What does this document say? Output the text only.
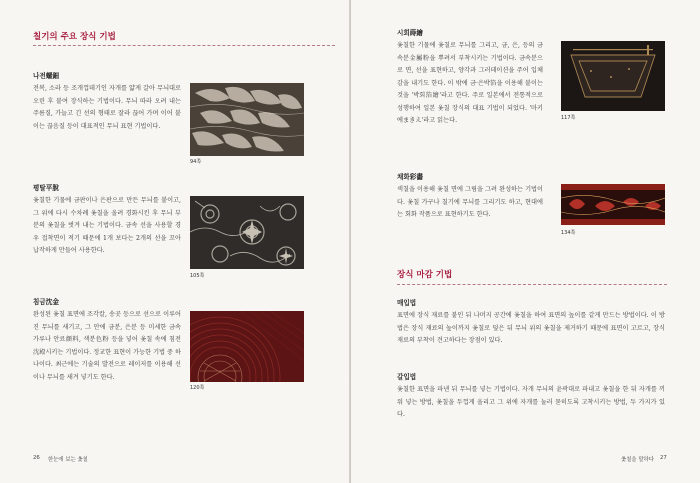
칠기의 주요 장식 기법
나전螺鈿
전복, 소라 등 조개껍데기인 자개를 얇게 갈아 무늬대로 오린 후 붙여 장식하는 기법이다. 무늬 따라 오려 내는 주름질, 가늘고 긴 선의 형태로 잘라 끊어 가며 이어 붙이는 끊음질 등이 대표적인 무늬 표현 기법이다.
94쪽
평탈平脫
옻칠한 기물에 금판이나 은판으로 만든 무늬를 붙이고, 그 위에 다시 수차례 옻칠을 올려 경화시킨 후 무늬 부분의 옻칠을 벗겨 내는 기법이다. 금속 선을 사용할 경우 접착면이 적기 때문에 1개 보다는 2개의 선을 꼬아 납작하게 만들어 사용한다.
105쪽
침금沈金
완성된 옻칠 표면에 조각칼, 송곳 등으로 선으로 이루어진 무늬를 새기고, 그 안에 금분, 은분 등 미세한 금속 가루나 안료顔料, 색분色粉 등을 넣어 옻칠 속에 침전沈殿시키는 기법이다. 정교한 표현이 가능한 기법 중 하나이다. 최근에는 기술의 발전으로 레이저를 이용해 선이나 무늬를 새겨 넣기도 한다.
120쪽
26 한눈에 보는 옻칠
시회蒔繪
옻칠한 기물에 옻칠로 무늬를 그리고, 금, 은, 등의 금속분金屬粉을 뿌려서 부착시키는 기법이다. 금속분으로 면, 선을 표현하고, 양각과 그러데이션을 주어 입체감을 내기도 한다. 이 밖에 금·은박箔을 이용해 붙이는 것을 '박회箔繪'라고 한다. 주로 일본에서 전통적으로 성행하여 일본 옻칠 장식의 대표 기법이 되었다. '마키에まきえ'라고 읽는다.	117쪽
채화彩畵
색칠을 이용해 옻칠 면에 그림을 그려 완성하는 기법이다. 옻칠 가구나 칠기에 무늬를 그리기도 하고, 현대에는 회화 작품으로 표현하기도 한다.
134쪽
장식 마감 기법
매입법
표면에 장식 재료를 붙인 뒤 나머지 공간에 옻칠을 하여 표면의 높이를 같게 만드는 방법이다. 이 방법은 장식 재료의 높이까지 옻칠로 덮은 뒤 무늬 위의 옻칠을 제거하기 때문에 표면이 고르고, 장식 재료의 부착이 견고하다는 장점이 있다.
갈입법
옻칠한 표면을 파낸 뒤 무늬를 넣는 기법이다. 자개 무늬의 윤곽대로 파내고 옻칠을 한 뒤 자개를 끼워 넣는 방법, 옻칠을 두껍게 올리고 그 위에 자개를 눌러 묻히도록 고착시키는 방법, 두 가지가 있다.
옻칠을 말하다 27
